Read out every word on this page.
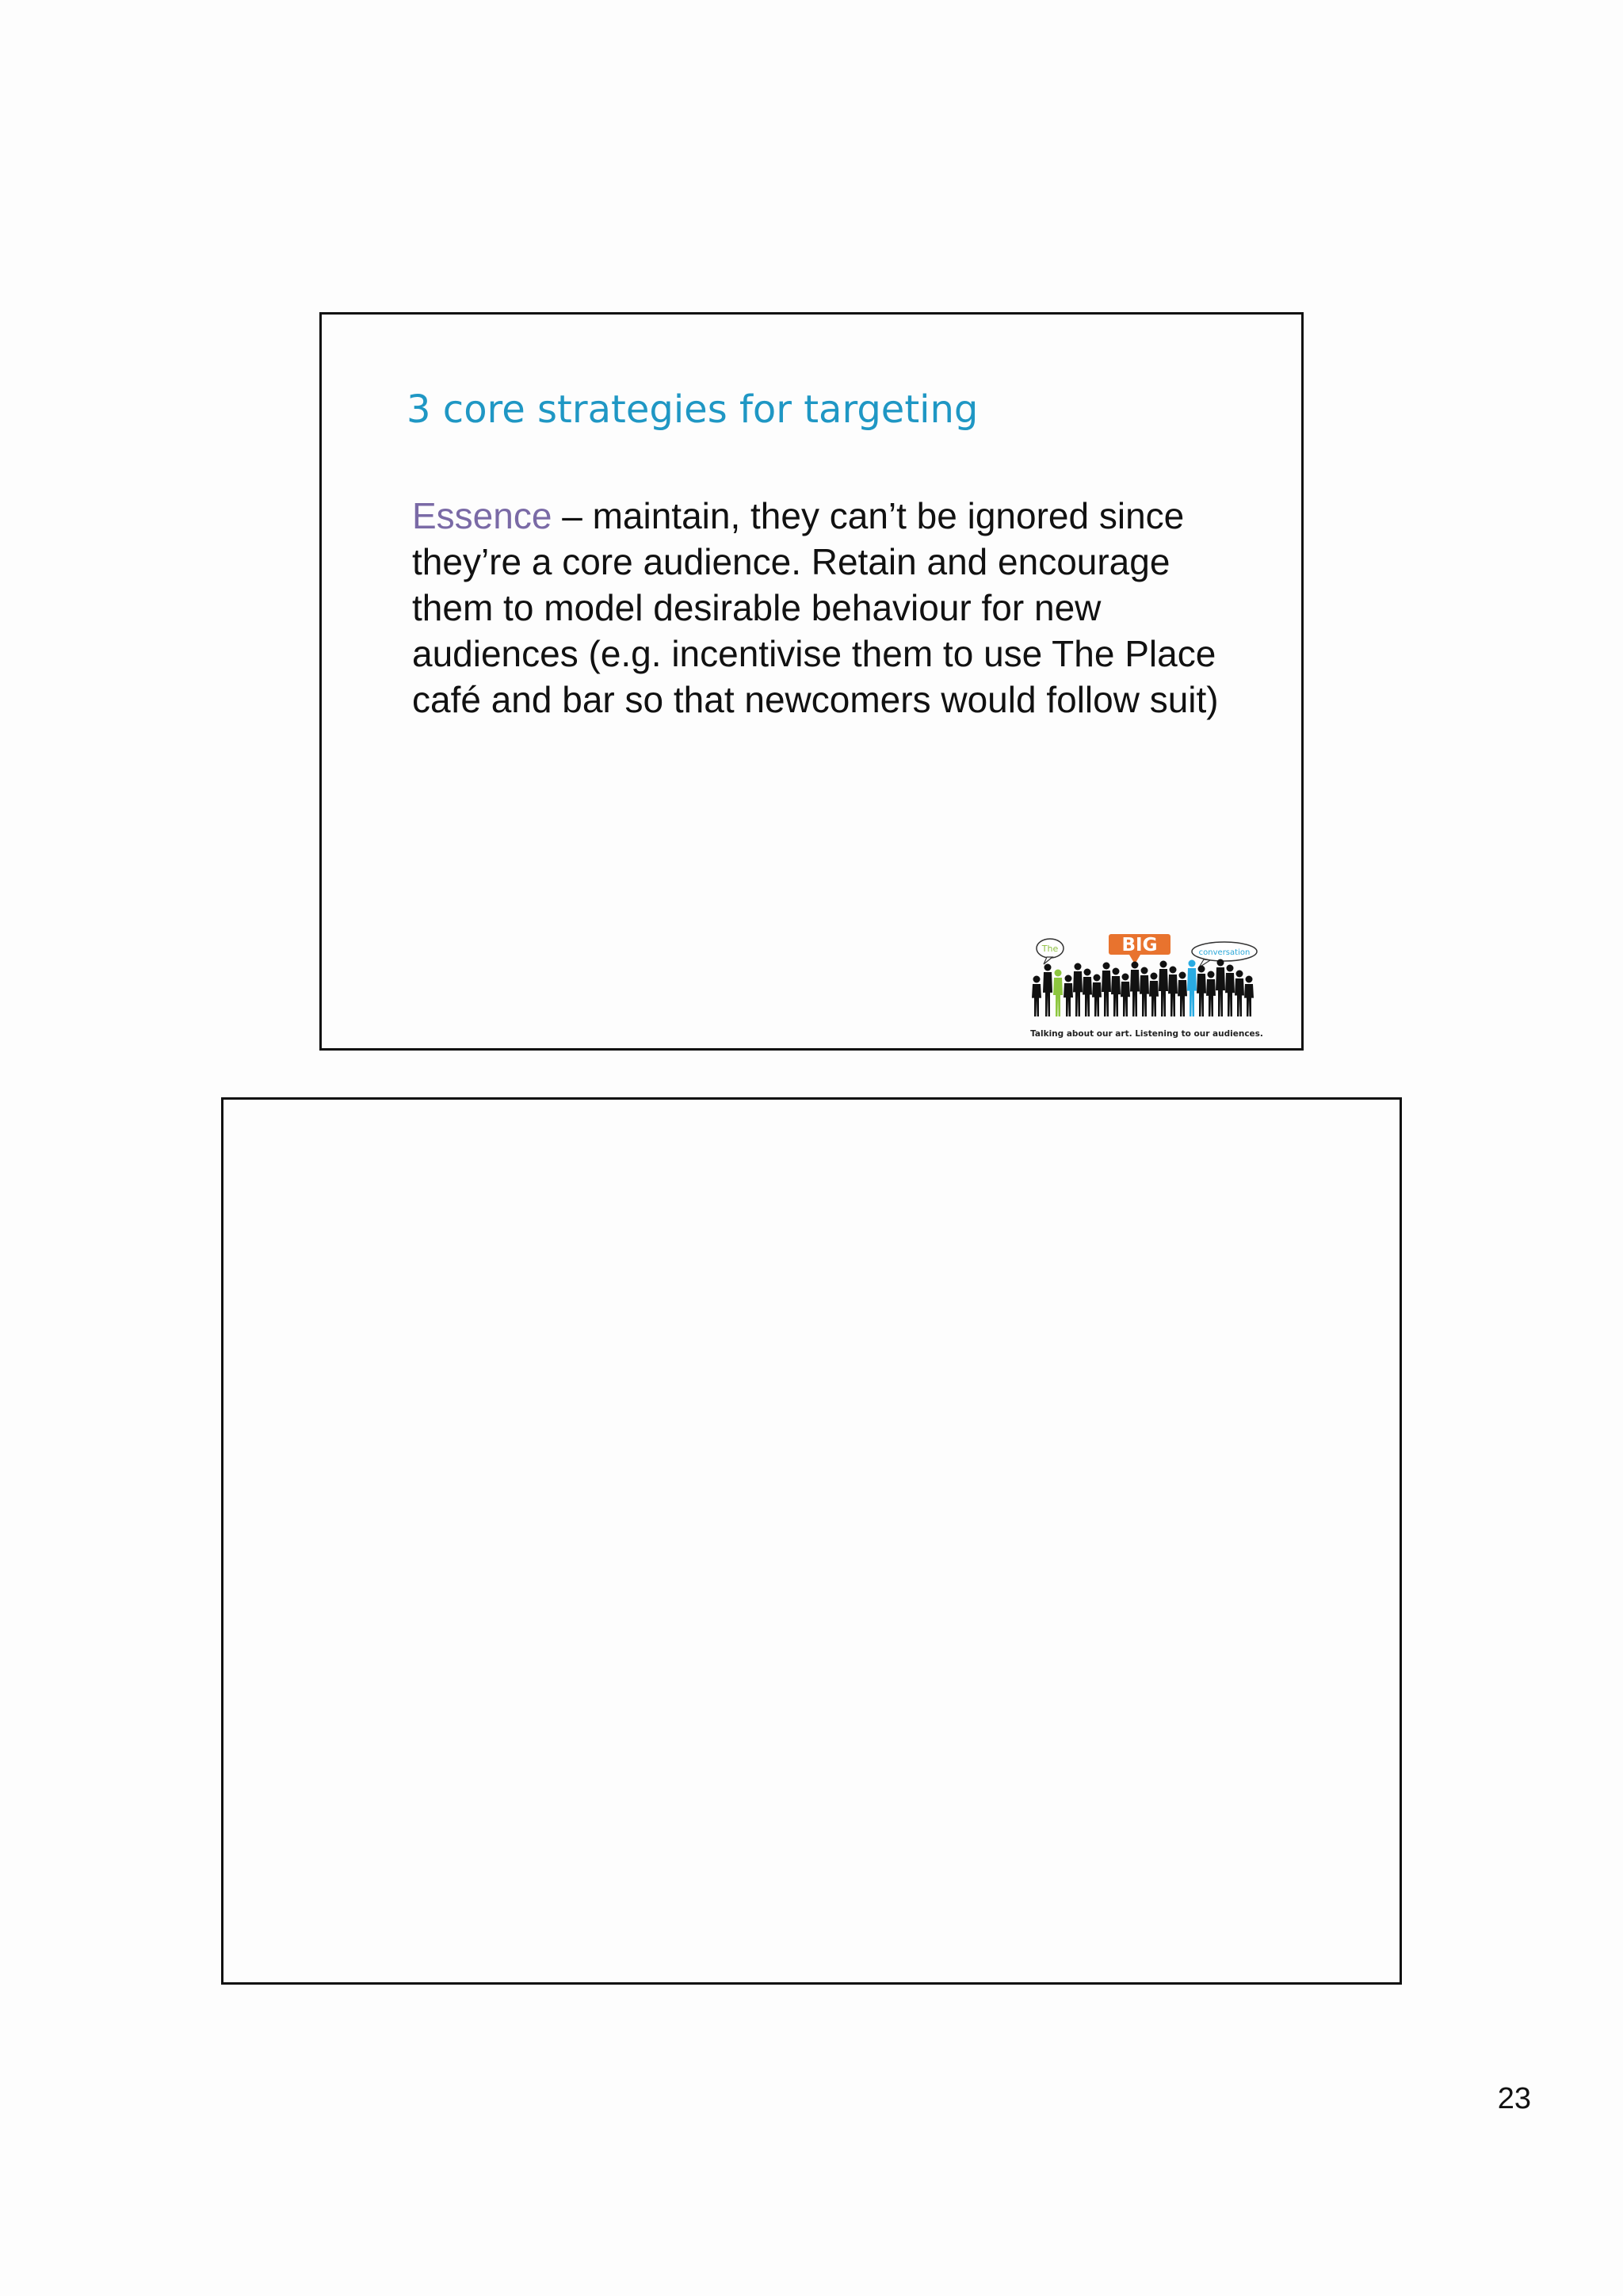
3 core strategies for targeting

Essence – maintain, they can’t be ignored since they’re a core audience. Retain and encourage them to model desirable behaviour for new audiences (e.g. incentivise them to use The Place café and bar so that newcomers would follow suit)

The	BIG	conversation
Talking about our art. Listening to our audiences.
23
